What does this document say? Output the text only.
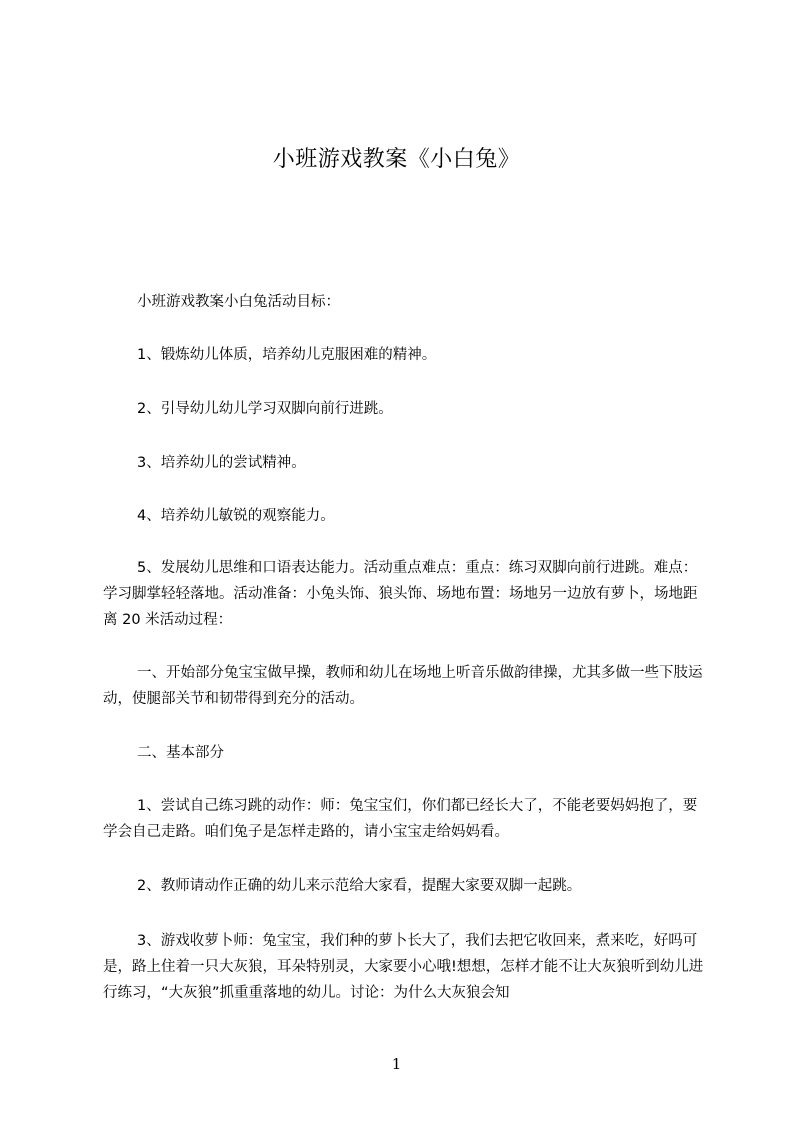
小班游戏教案《小白兔》

小班游戏教案小白兔活动目标：

1、锻炼幼儿体质，培养幼儿克服困难的精神。

2、引导幼儿幼儿学习双脚向前行进跳。

3、培养幼儿的尝试精神。

4、培养幼儿敏锐的观察能力。

5、发展幼儿思维和口语表达能力。活动重点难点：重点：练习双脚向前行进跳。难点：学习脚掌轻轻落地。活动准备：小兔头饰、狼头饰、场地布置：场地另一边放有萝卜，场地距离 20 米活动过程：

一、开始部分兔宝宝做早操，教师和幼儿在场地上听音乐做韵律操，尤其多做一些下肢运动，使腿部关节和韧带得到充分的活动。

二、基本部分

1、尝试自己练习跳的动作：师：兔宝宝们，你们都已经长大了，不能老要妈妈抱了，要学会自己走路。咱们兔子是怎样走路的，请小宝宝走给妈妈看。

2、教师请动作正确的幼儿来示范给大家看，提醒大家要双脚一起跳。

3、游戏收萝卜师：兔宝宝，我们种的萝卜长大了，我们去把它收回来，煮来吃，好吗可是，路上住着一只大灰狼，耳朵特别灵，大家要小心哦!想想，怎样才能不让大灰狼听到幼儿进行练习，“大灰狼”抓重重落地的幼儿。讨论：为什么大灰狼会知

1
